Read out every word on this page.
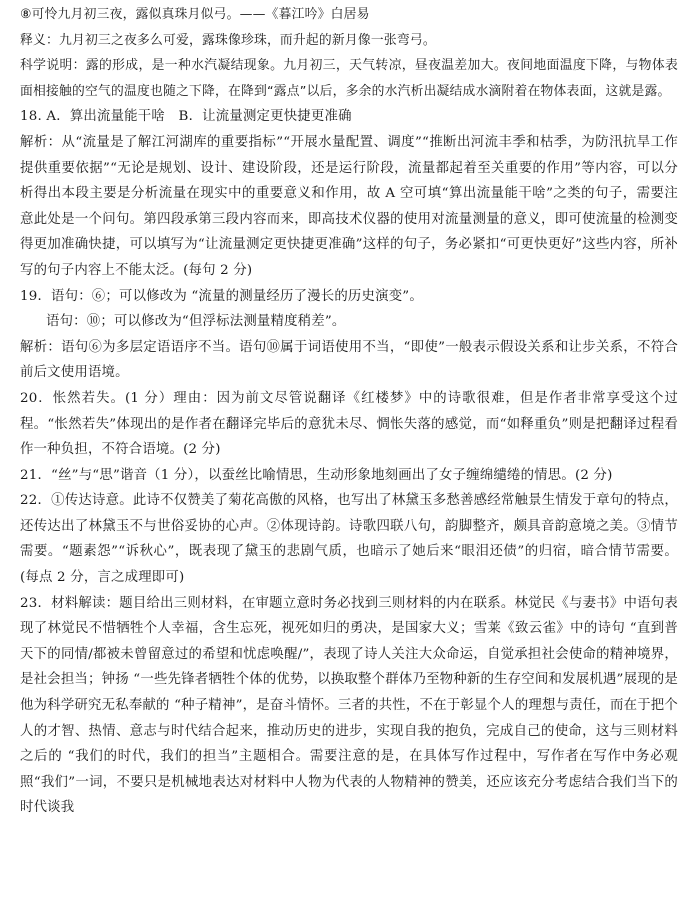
⑧可怜九月初三夜，露似真珠月似弓。——《暮江吟》白居易

释义：九月初三之夜多么可爱，露珠像珍珠，而升起的新月像一张弯弓。

科学说明：露的形成，是一种水汽凝结现象。九月初三，天气转凉，昼夜温差加大。夜间地面温度下降，与物体表面相接触的空气的温度也随之下降，在降到“露点”以后，多余的水汽析出凝结成水滴附着在物体表面，这就是露。

18. A．算出流量能干啥　B．让流量测定更快捷更准确

解析：从“流量是了解江河湖库的重要指标”“开展水量配置、调度”“推断出河流丰季和枯季，为防汛抗旱工作提供重要依据”“无论是规划、设计、建设阶段，还是运行阶段，流量都起着至关重要的作用”等内容，可以分析得出本段主要是分析流量在现实中的重要意义和作用，故 A 空可填“算出流量能干啥”之类的句子，需要注意此处是一个问句。第四段承第三段内容而来，即高技术仪器的使用对流量测量的意义，即可使流量的检测变得更加准确快捷，可以填写为“让流量测定更快捷更准确”这样的句子，务必紧扣“可更快更好”这些内容，所补写的句子内容上不能太泛。(每句 2 分)

19．语句：⑥；可以修改为 “流量的测量经历了漫长的历史演变”。

语句：⑩；可以修改为“但浮标法测量精度稍差”。

解析：语句⑥为多层定语语序不当。语句⑩属于词语使用不当，“即使”一般表示假设关系和让步关系，不符合前后文使用语境。

20．怅然若失。(1 分）理由：因为前文尽管说翻译《红楼梦》中的诗歌很难，但是作者非常享受这个过程。“怅然若失”体现出的是作者在翻译完毕后的意犹未尽、惆怅失落的感觉，而“如释重负”则是把翻译过程看作一种负担，不符合语境。(2 分)

21．“丝”与“思”谐音（1 分），以蚕丝比喻情思，生动形象地刻画出了女子缠绵缱绻的情思。(2 分)

22．①传达诗意。此诗不仅赞美了菊花高傲的风格，也写出了林黛玉多愁善感经常触景生情发于章句的特点，还传达出了林黛玉不与世俗妥协的心声。②体现诗韵。诗歌四联八句，韵脚整齐，颇具音韵意境之美。③情节需要。“题素怨”“诉秋心”，既表现了黛玉的悲剧气质，也暗示了她后来“眼泪还债”的归宿，暗合情节需要。(每点 2 分，言之成理即可)

23．材料解读：题目给出三则材料，在审题立意时务必找到三则材料的内在联系。林觉民《与妻书》中语句表现了林觉民不惜牺牲个人幸福，含生忘死，视死如归的勇决，是国家大义；雪莱《致云雀》中的诗句 “直到普天下的同情/都被未曾留意过的希望和忧虑唤醒/”，表现了诗人关注大众命运，自觉承担社会使命的精神境界，是社会担当；钟扬 “一些先锋者牺牲个体的优势，以换取整个群体乃至物种新的生存空间和发展机遇”展现的是他为科学研究无私奉献的 “种子精神”，是奋斗情怀。三者的共性，不在于彰显个人的理想与责任，而在于把个人的才智、热情、意志与时代结合起来，推动历史的进步，实现自我的抱负，完成自己的使命，这与三则材料之后的 “我们的时代，我们的担当”主题相合。需要注意的是，在具体写作过程中，写作者在写作中务必观照“我们”一词，不要只是机械地表达对材料中人物为代表的人物精神的赞美，还应该充分考虑结合我们当下的时代谈我
